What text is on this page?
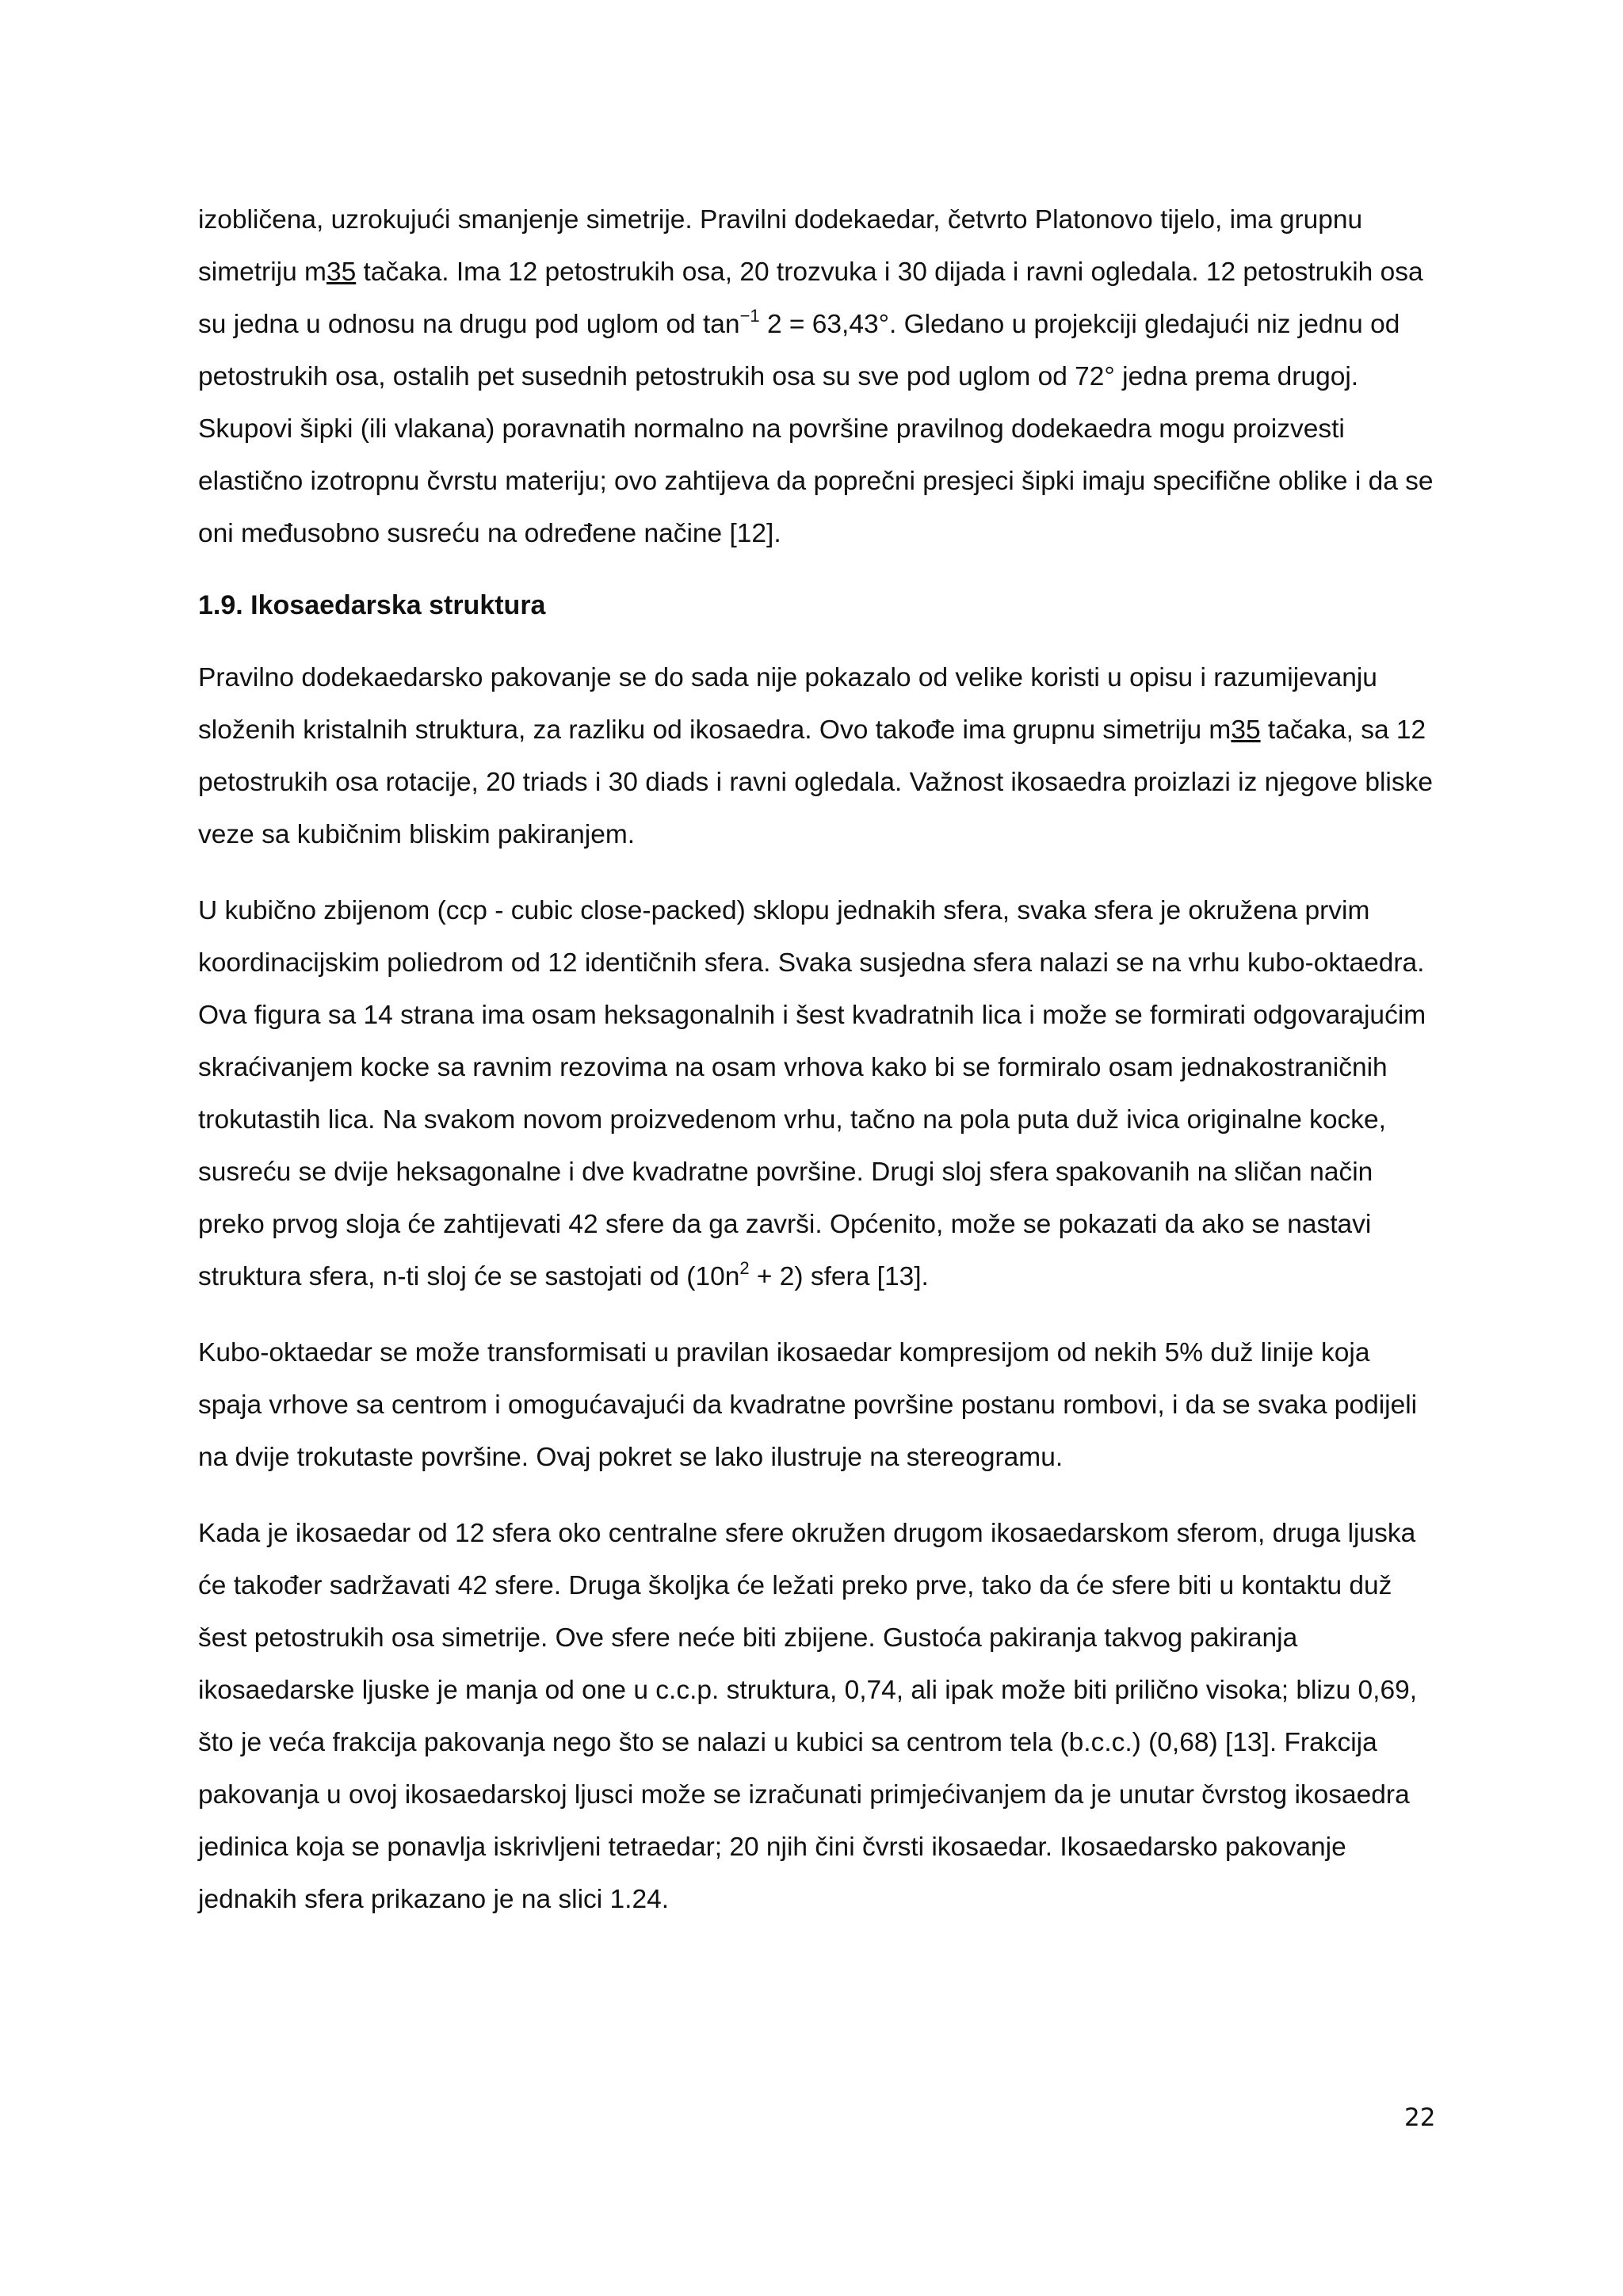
izobličena, uzrokujući smanjenje simetrije. Pravilni dodekaedar, četvrto Platonovo tijelo, ima grupnu simetriju m35 tačaka. Ima 12 petostrukih osa, 20 trozvuka i 30 dijada i ravni ogledala. 12 petostrukih osa su jedna u odnosu na drugu pod uglom od $\tan^{-1} 2 = 63,43^\circ$. Gledano u projekciji gledajući niz jednu od petostrukih osa, ostalih pet susednih petostrukih osa su sve pod uglom od 72° jedna prema drugoj. Skupovi šipki (ili vlakana) poravnatih normalno na površine pravilnog dodekaedra mogu proizvesti elastično izotropnu čvrstu materiju; ovo zahtijeva da poprečni presjeci šipki imaju specifične oblike i da se oni međusobno susreću na određene načine [12].

1.9. Ikosaedarska struktura

Pravilno dodekaedarsko pakovanje se do sada nije pokazalo od velike koristi u opisu i razumijevanju složenih kristalnih struktura, za razliku od ikosaedra. Ovo takođe ima grupnu simetriju m35 tačaka, sa 12 petostrukih osa rotacije, 20 triads i 30 diads i ravni ogledala. Važnost ikosaedra proizlazi iz njegove bliske veze sa kubičnim bliskim pakiranjem.

U kubično zbijenom (ccp - cubic close-packed) sklopu jednakih sfera, svaka sfera je okružena prvim koordinacijskim poliedrom od 12 identičnih sfera. Svaka susjedna sfera nalazi se na vrhu kubo-oktaedra. Ova figura sa 14 strana ima osam heksagonalnih i šest kvadratnih lica i može se formirati odgovarajućim skraćivanjem kocke sa ravnim rezovima na osam vrhova kako bi se formiralo osam jednakostraničnih trokutastih lica. Na svakom novom proizvedenom vrhu, tačno na pola puta duž ivica originalne kocke, susreću se dvije heksagonalne i dve kvadratne površine. Drugi sloj sfera spakovanih na sličan način preko prvog sloja će zahtijevati 42 sfere da ga završi. Općenito, može se pokazati da ako se nastavi struktura sfera, n-ti sloj će se sastojati od $(10n^2 + 2)$ sfera [13].

Kubo-oktaedar se može transformisati u pravilan ikosaedar kompresijom od nekih 5% duž linije koja spaja vrhove sa centrom i omogućavajući da kvadratne površine postanu rombovi, i da se svaka podijeli na dvije trokutaste površine. Ovaj pokret se lako ilustruje na stereogramu.

Kada je ikosaedar od 12 sfera oko centralne sfere okružen drugom ikosaedarskom sferom, druga ljuska će također sadržavati 42 sfere. Druga školjka će ležati preko prve, tako da će sfere biti u kontaktu duž šest petostrukih osa simetrije. Ove sfere neće biti zbijene. Gustoća pakiranja takvog pakiranja ikosaedarske ljuske je manja od one u c.c.p. struktura, 0,74, ali ipak može biti prilično visoka; blizu 0,69, što je veća frakcija pakovanja nego što se nalazi u kubici sa centrom tela (b.c.c.) (0,68) [13]. Frakcija pakovanja u ovoj ikosaedarskoj ljusci može se izračunati primjećivanjem da je unutar čvrstog ikosaedra jedinica koja se ponavlja iskrivljeni tetraedar; 20 njih čini čvrsti ikosaedar. Ikosaedarsko pakovanje jednakih sfera prikazano je na slici 1.24.

22
